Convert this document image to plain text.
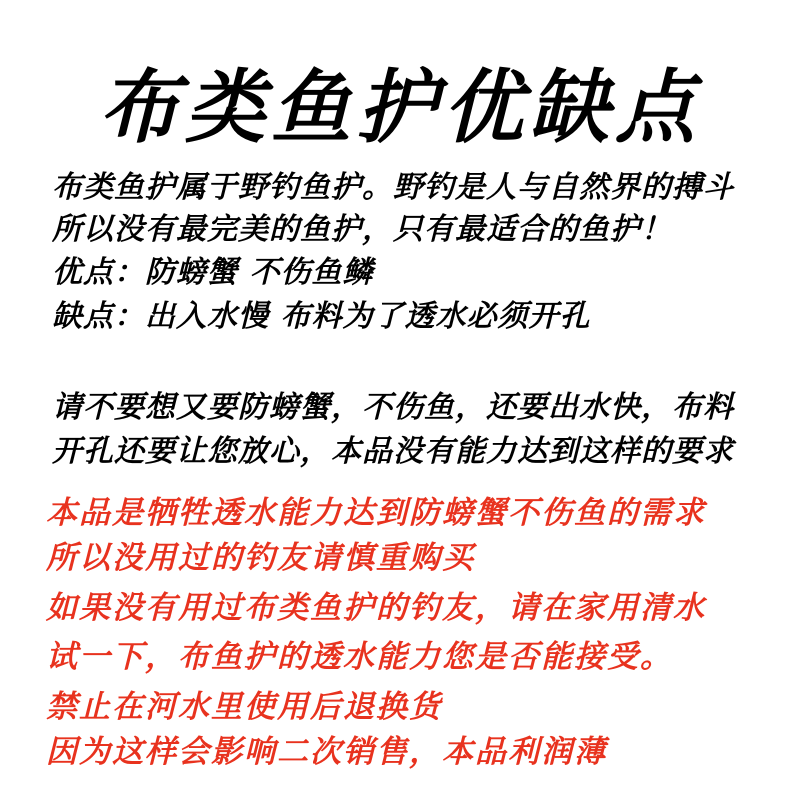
布类鱼护优缺点
布类鱼护属于野钓鱼护。野钓是人与自然界的搏斗
所以没有最完美的鱼护，只有最适合的鱼护！
优点：防螃蟹 不伤鱼鳞
缺点：出入水慢 布料为了透水必须开孔
请不要想又要防螃蟹，不伤鱼，还要出水快，布料
开孔还要让您放心，本品没有能力达到这样的要求
本品是牺牲透水能力达到防螃蟹不伤鱼的需求
所以没用过的钓友请慎重购买
如果没有用过布类鱼护的钓友，请在家用清水
试一下，布鱼护的透水能力您是否能接受。
禁止在河水里使用后退换货
因为这样会影响二次销售，本品利润薄
